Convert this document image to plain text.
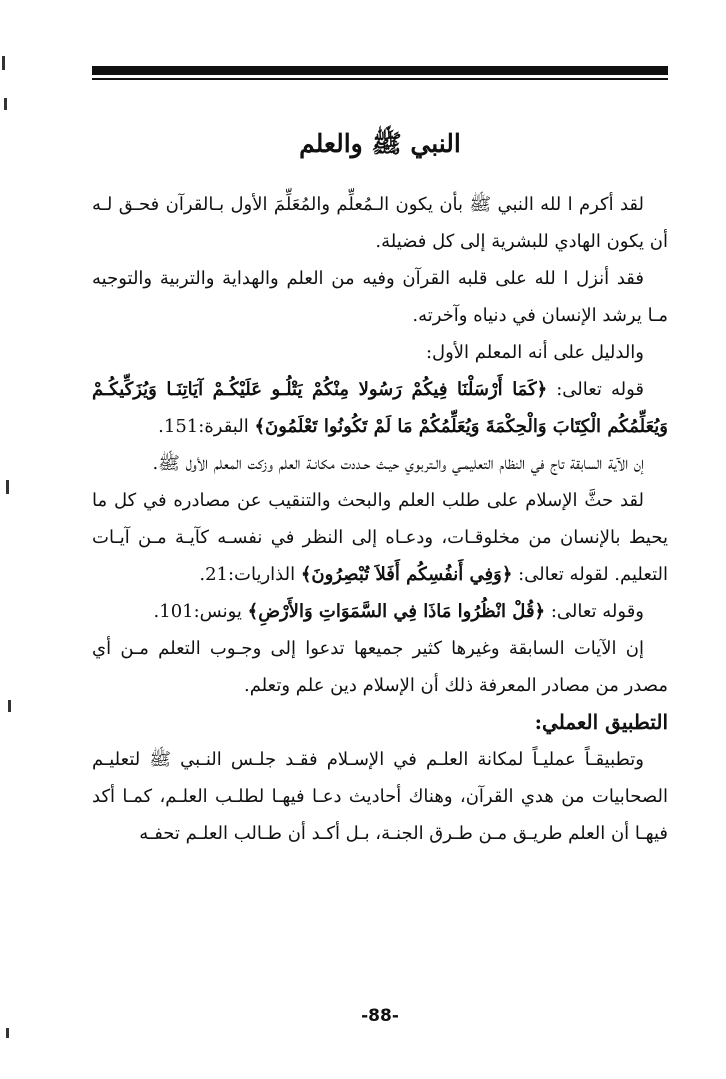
النبي ﷺ والعلم

لقد أكرم ا لله النبي ﷺ بأن يكون الـمُعلِّم والمُعَلِّمَ الأول بـالقرآن فحـق لـه أن يكون الهادي للبشرية إلى كل فضيلة.

فقد أنزل ا لله على قلبه القرآن وفيه من العلم والهداية والتربية والتوجيه مـا يرشد الإنسان في دنياه وآخرته.

والدليل على أنه المعلم الأول:

قوله تعالى: ﴿كَمَا أَرْسَلْنَا فِيكُمْ رَسُولا مِنْكُمْ يَتْلُـو عَلَيْكُـمْ آيَاتِنَـا وَيُزَكِّيكُـمْ وَيُعَلِّمُكُم الْكِتَابَ وَالْحِكْمَةَ وَيُعَلِّمُكُمْ مَا لَمْ تَكُونُوا تَعْلَمُونَ﴾ البقرة:151.

إن الآية السابقة تاج في النظام التعليمـي والـتربوي حيـث حـددت مكانـة العلم وزكت المعلم الأول ﷺ.

لقد حثَّ الإسلام على طلب العلم والبحث والتنقيب عن مصادره في كل ما يحيط بالإنسان من مخلوقـات، ودعـاه إلى النظر في نفسـه كآيـة مـن آيـات التعليم. لقوله تعالى: ﴿وَفِي أَنفُسِكُم أَفَلاَ تُبْصِرُونَ﴾ الذاريات:21.

وقوله تعالى: ﴿قُلْ انْظُرُوا مَاذَا فِي السَّمَوَاتِ وَالأَرْضِ﴾ يونس:101.

إن الآيات السابقة وغيرها كثير جميعها تدعوا إلى وجـوب التعلم مـن أي مصدر من مصادر المعرفة ذلك أن الإسلام دين علم وتعلم.

التطبيق العملي:

وتطبيقـاً عمليـاً لمكانة العلـم في الإسـلام فقـد جلـس النـبي ﷺ لتعليـم الصحابيات من هدي القرآن، وهناك أحاديث دعـا فيهـا لطلـب العلـم، كمـا أكد فيهـا أن العلم طريـق مـن طـرق الجنـة، بـل أكـد أن طـالب العلـم تحفـه

-88-
